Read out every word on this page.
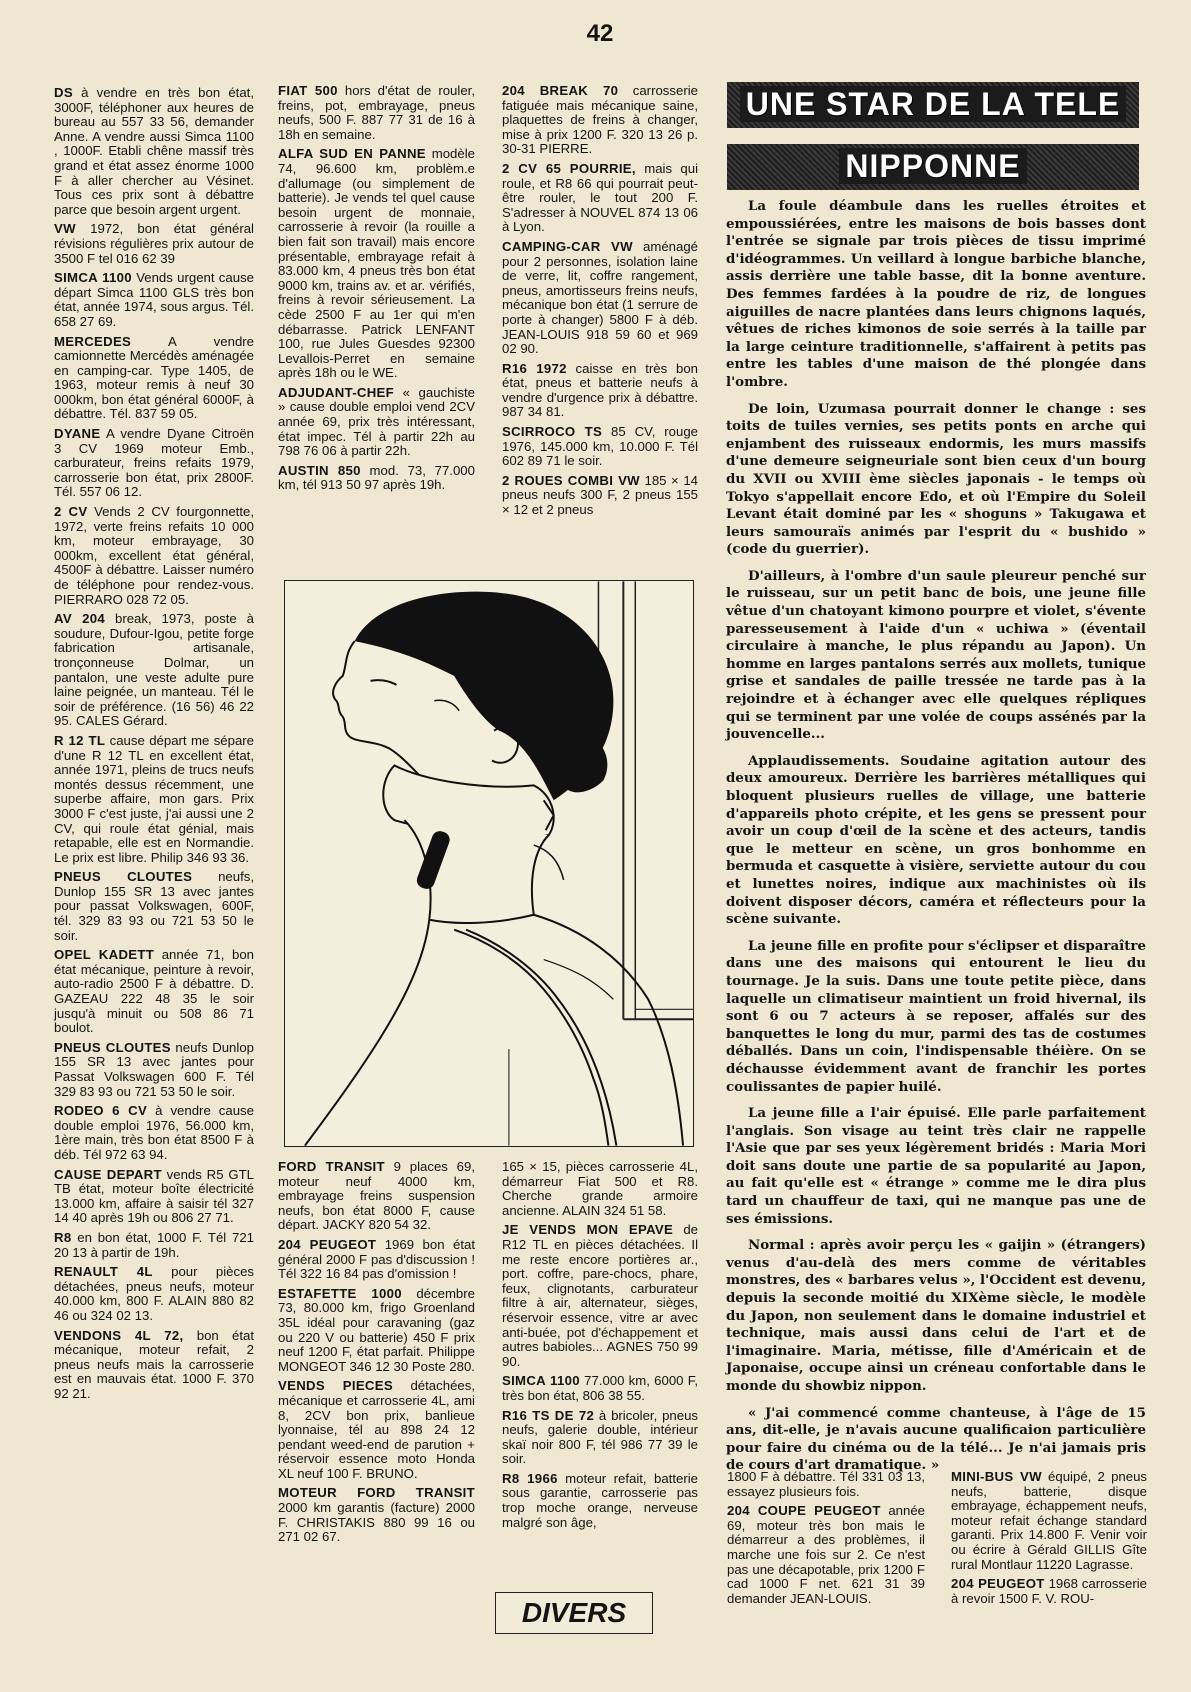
42

DS à vendre en très bon état, 3000F, téléphoner aux heures de bureau au 557 33 56, demander Anne. A vendre aussi Simca 1100 , 1000F. Etabli chêne massif très grand et état assez énorme 1000 F à aller chercher au Vésinet. Tous ces prix sont à débattre parce que besoin argent urgent.

VW 1972, bon état général révisions régulières prix autour de 3500 F tel 016 62 39

SIMCA 1100 Vends urgent cause départ Simca 1100 GLS très bon état, année 1974, sous argus. Tél. 658 27 69.

MERCEDES	A vendre camionnette Mercédès aménagée en camping-car. Type 1405, de 1963, moteur remis à neuf 30 000km, bon état général 6000F, à débattre. Tél. 837 59 05.

DYANE A vendre Dyane Citroën 3 CV 1969 moteur Emb., carburateur, freins refaits 1979, carrosserie bon état, prix 2800F. Tél. 557 06 12.

2 CV Vends 2 CV fourgonnette, 1972, verte freins refaits 10 000 km, moteur embrayage, 30 000km, excellent état général, 4500F à débattre. Laisser numéro de téléphone pour rendez-vous. PIERRARO 028 72 05.

AV 204 break, 1973, poste à soudure, Dufour-Igou, petite forge fabrication artisanale, tronçonneuse Dolmar, un pantalon, une veste adulte pure laine peignée, un manteau. Tél le soir de préférence. (16 56) 46 22 95. CALES Gérard.

R 12 TL cause départ me sépare d'une R 12 TL en excellent état, année 1971, pleins de trucs neufs montés dessus récemment, une superbe affaire, mon gars. Prix 3000 F c'est juste, j'ai aussi une 2 CV, qui roule état génial, mais retapable, elle est en Normandie. Le prix est libre. Philip 346 93 36.

PNEUS CLOUTES neufs, Dunlop 155 SR 13 avec jantes pour passat Volkswagen, 600F, tél. 329 83 93 ou 721 53 50 le soir.

OPEL KADETT année 71, bon état mécanique, peinture à revoir, auto-radio 2500 F à débattre. D. GAZEAU 222 48 35 le soir jusqu'à minuit ou 508 86 71 boulot.

PNEUS CLOUTES neufs Dunlop 155 SR 13 avec jantes pour Passat Volkswagen 600 F. Tél 329 83 93 ou 721 53 50 le soir.

RODEO 6 CV à vendre cause double emploi 1976, 56.000 km, 1ère main, très bon état 8500 F à déb. Tél 972 63 94.

CAUSE DEPART vends R5 GTL TB état, moteur boîte électricité 13.000 km, affaire à saisir tél 327 14 40 après 19h ou 806 27 71.

R8 en bon état, 1000 F. Tél 721 20 13 à partir de 19h.

RENAULT 4L pour pièces détachées, pneus neufs, moteur 40.000 km, 800 F. ALAIN 880 82 46 ou 324 02 13.

VENDONS 4L 72, bon état mécanique, moteur refait, 2 pneus neufs mais la carrosserie est en mauvais état. 1000 F. 370 92 21.

FIAT 500 hors d'état de rouler, freins, pot, embrayage, pneus neufs, 500 F. 887 77 31 de 16 à 18h en semaine.

ALFA SUD EN PANNE modèle 74, 96.600 km, problèm.e d'allumage (ou simplement de batterie). Je vends tel quel cause besoin urgent de monnaie, carrosserie à revoir (la rouille a bien fait son travail) mais encore présentable, embrayage refait à 83.000 km, 4 pneus très bon état 9000 km, trains av. et ar. vérifiés, freins à revoir sérieusement. La cède 2500 F au 1er qui m'en débarrasse. Patrick LENFANT 100, rue Jules Guesdes 92300 Levallois-Perret en semaine après 18h ou le WE.

ADJUDANT-CHEF « gauchiste » cause double emploi vend 2CV année 69, prix très intéressant, état impec. Tél à partir 22h au 798 76 06 à partir 22h.

AUSTIN 850 mod. 73, 77.000 km, tél 913 50 97 après 19h.

204 BREAK 70 carrosserie fatiguée mais mécanique saine, plaquettes de freins à changer, mise à prix 1200 F. 320 13 26 p. 30-31 PIERRE.

2 CV 65 POURRIE, mais qui roule, et R8 66 qui pourrait peut-être rouler, le tout 200 F. S'adresser à NOUVEL 874 13 06 à Lyon.

CAMPING-CAR VW aménagé pour 2 personnes, isolation laine de verre, lit, coffre rangement, pneus, amortisseurs freins neufs, mécanique bon état (1 serrure de porte à changer) 5800 F à déb. JEAN-LOUIS 918 59 60 et 969 02 90.

R16 1972 caisse en très bon état, pneus et batterie neufs à vendre d'urgence prix à débattre. 987 34 81.

SCIRROCO TS 85 CV, rouge 1976, 145.000 km, 10.000 F. Tél 602 89 71 le soir.

2 ROUES COMBI VW 185 × 14 pneus neufs 300 F, 2 pneus 155 × 12 et 2 pneus

UNE STAR DE LA TELE
NIPPONNE

La foule déambule dans les ruelles étroites et empoussiérées, entre les maisons de bois basses dont l'entrée se signale par trois pièces de tissu imprimé d'idéogrammes. Un veillard à longue barbiche blanche, assis derrière une table basse, dit la bonne aventure. Des femmes fardées à la poudre de riz, de longues aiguilles de nacre plantées dans leurs chignons laqués, vêtues de riches kimonos de soie serrés à la taille par la large ceinture traditionnelle, s'affairent à petits pas entre les tables d'une maison de thé plongée dans l'ombre.

De loin, Uzumasa pourrait donner le change : ses toits de tuiles vernies, ses petits ponts en arche qui enjambent des ruisseaux endormis, les murs massifs d'une demeure seigneuriale sont bien ceux d'un bourg du XVII ou XVIII ème siècles japonais - le temps où Tokyo s'appellait encore Edo, et où l'Empire du Soleil Levant était dominé par les « shoguns » Takugawa et leurs samouraïs animés par l'esprit du « bushido » (code du guerrier).

D'ailleurs, à l'ombre d'un saule pleureur penché sur le ruisseau, sur un petit banc de bois, une jeune fille vêtue d'un chatoyant kimono pourpre et violet, s'évente paresseusement à l'aide d'un « uchiwa » (éventail circulaire à manche, le plus répandu au Japon). Un homme en larges pantalons serrés aux mollets, tunique grise et sandales de paille tressée ne tarde pas à la rejoindre et à échanger avec elle quelques répliques qui se terminent par une volée de coups assénés par la jouvencelle...

Applaudissements. Soudaine agitation autour des deux amoureux. Derrière les barrières métalliques qui bloquent plusieurs ruelles de village, une batterie d'appareils photo crépite, et les gens se pressent pour avoir un coup d'œil de la scène et des acteurs, tandis que le metteur en scène, un gros bonhomme en bermuda et casquette à visière, serviette autour du cou et lunettes noires, indique aux machinistes où ils doivent disposer décors, caméra et réflecteurs pour la scène suivante.

La jeune fille en profite pour s'éclipser et disparaître dans une des maisons qui entourent le lieu du tournage. Je la suis. Dans une toute petite pièce, dans laquelle un climatiseur maintient un froid hivernal, ils sont 6 ou 7 acteurs à se reposer, affalés sur des banquettes le long du mur, parmi des tas de costumes déballés. Dans un coin, l'indispensable théière. On se déchausse évidemment avant de franchir les portes coulissantes de papier huilé.

La jeune fille a l'air épuisé. Elle parle parfaitement l'anglais. Son visage au teint très clair ne rappelle l'Asie que par ses yeux légèrement bridés : Maria Mori doit sans doute une partie de sa popularité au Japon, au fait qu'elle est « étrange » comme me le dira plus tard un chauffeur de taxi, qui ne manque pas une de ses émissions.

Normal : après avoir perçu les « gaijin » (étrangers) venus d'au-delà des mers comme de véritables monstres, des « barbares velus », l'Occident est devenu, depuis la seconde moitié du XIXème siècle, le modèle du Japon, non seulement dans le domaine industriel et technique, mais aussi dans celui de l'art et de l'imaginaire. Maria, métisse, fille d'Américain et de Japonaise, occupe ainsi un créneau confortable dans le monde du showbiz nippon.

« J'ai commencé comme chanteuse, à l'âge de 15 ans, dit-elle, je n'avais aucune qualificaion particulière pour faire du cinéma ou de la télé... Je n'ai jamais pris de cours d'art dramatique. »

FORD TRANSIT 9 places 69, moteur neuf 4000 km, embrayage freins suspension neufs, bon état 8000 F, cause départ. JACKY 820 54 32.

204 PEUGEOT 1969 bon état général 2000 F pas d'discussion ! Tél 322 16 84 pas d'omission !

ESTAFETTE 1000 décembre 73, 80.000 km, frigo Groenland 35L idéal pour caravaning (gaz ou 220 V ou batterie) 450 F prix neuf 1200 F, état parfait. Philippe MONGEOT 346 12 30 Poste 280.

VENDS PIECES détachées, mécanique et carrosserie 4L, ami 8, 2CV bon prix, banlieue lyonnaise, tél au 898 24 12 pendant weed-end de parution + réservoir essence moto Honda XL neuf 100 F. BRUNO.

MOTEUR FORD TRANSIT 2000 km garantis (facture) 2000 F. CHRISTAKIS 880 99 16 ou 271 02 67.

165 × 15, pièces carrosserie 4L, démarreur Fiat 500 et R8. Cherche grande armoire ancienne. ALAIN 324 51 58.

JE VENDS MON EPAVE de R12 TL en pièces détachées. Il me reste encore portières ar., port. coffre, pare-chocs, phare, feux, clignotants, carburateur filtre à air, alternateur, sièges, réservoir essence, vitre ar avec anti-buée, pot d'échappement et autres babioles... AGNES 750 99 90.

SIMCA 1100 77.000 km, 6000 F, très bon état, 806 38 55.

R16 TS DE 72 à bricoler, pneus neufs, galerie double, intérieur skaï noir 800 F, tél 986 77 39 le soir.

R8 1966 moteur refait, batterie sous garantie, carrosserie pas trop moche orange, nerveuse malgré son âge,

1800 F à débattre. Tél 331 03 13, essayez plusieurs fois.

204 COUPE PEUGEOT année 69, moteur très bon mais le démarreur a des problèmes, il marche une fois sur 2. Ce n'est pas une décapotable, prix 1200 F cad 1000 F net. 621 31 39 demander JEAN-LOUIS.

MINI-BUS VW équipé, 2 pneus neufs, batterie, disque embrayage, échappement neufs, moteur refait échange standard garanti. Prix 14.800 F. Venir voir ou écrire à Gérald GILLIS Gîte rural Montlaur 11220 Lagrasse.

204 PEUGEOT 1968 carrosserie à revoir 1500 F. V. ROU-

DIVERS
